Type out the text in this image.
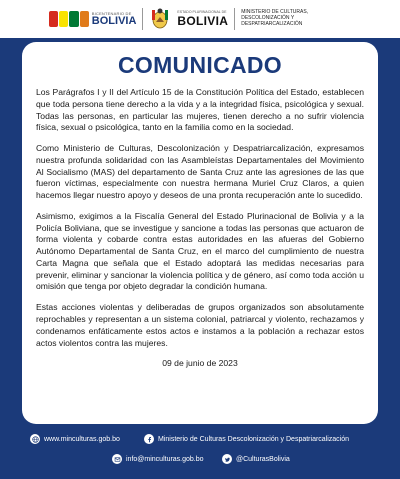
BICENTENARIO DE
BOLIVIA
ESTADO PLURINACIONAL DE
BOLIVIA
MINISTERIO DE CULTURAS, DESCOLONIZACIÓN Y DESPATRIARCALIZACIÓN
COMUNICADO

Los Parágrafos I y II del Artículo 15 de la Constitución Política del Estado, establecen que toda persona tiene derecho a la vida y a la integridad física, psicológica y sexual. Todas las personas, en particular las mujeres, tienen derecho a no sufrir violencia física, sexual o psicológica, tanto en la familia como en la sociedad.

Como Ministerio de Culturas, Descolonización y Despatriarcalización, expresamos nuestra profunda solidaridad con las Asambleístas Departamentales del Movimiento Al Socialismo (MAS) del departamento de Santa Cruz ante las agresiones de las que fueron víctimas, especialmente con nuestra hermana Muriel Cruz Claros, a quien hacemos llegar nuestro apoyo y deseos de una pronta recuperación ante lo sucedido.

Asimismo, exigimos a la Fiscalía General del Estado Plurinacional de Bolivia y a la Policía Boliviana, que se investigue y sancione a todas las personas que actuaron de forma violenta y cobarde contra estas autoridades en las afueras del Gobierno Autónomo Departamental de Santa Cruz, en el marco del cumplimiento de nuestra Carta Magna que señala que el Estado adoptará las medidas necesarias para prevenir, eliminar y sancionar la violencia política y de género, así como toda acción u omisión que tenga por objeto degradar la condición humana.

Estas acciones violentas y deliberadas de grupos organizados son absolutamente reprochables y representan a un sistema colonial, patriarcal y violento, rechazamos y condenamos enfáticamente estos actos e instamos a la población a rechazar estos actos violentos contra las mujeres.

09 de junio de 2023
www.minculturas.gob.bo	Ministerio de Culturas Descolonización y Despatriarcalización
info@minculturas.gob.bo	@CulturasBolivia
